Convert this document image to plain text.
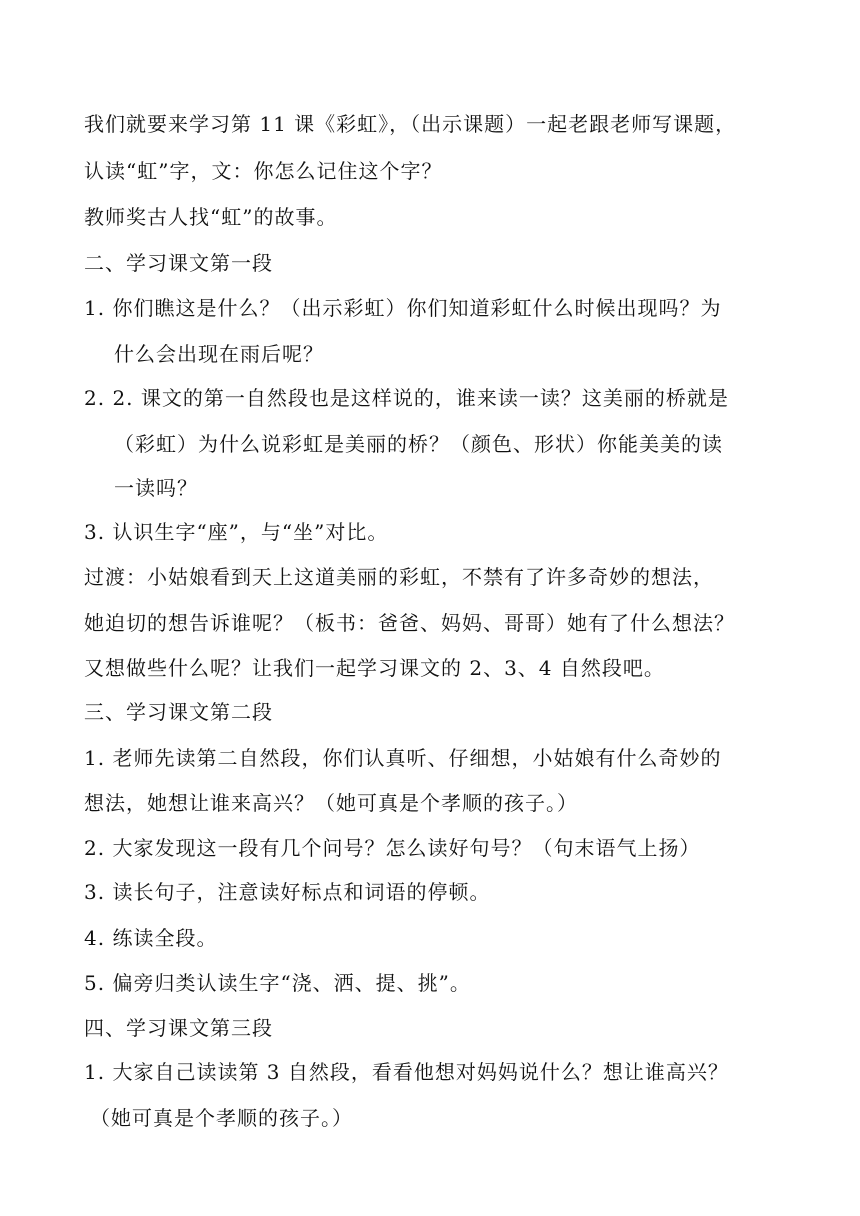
我们就要来学习第 11 课《彩虹》，（出示课题）一起老跟老师写课题，
认读“虹”字，文：你怎么记住这个字？
教师奖古人找“虹”的故事。
二、学习课文第一段
1. 你们瞧这是什么？（出示彩虹）你们知道彩虹什么时候出现吗？为
什么会出现在雨后呢？
2. 2. 课文的第一自然段也是这样说的，谁来读一读？这美丽的桥就是
（彩虹）为什么说彩虹是美丽的桥？（颜色、形状）你能美美的读
一读吗？
3. 认识生字“座”，与“坐”对比。
过渡：小姑娘看到天上这道美丽的彩虹，不禁有了许多奇妙的想法，
她迫切的想告诉谁呢？（板书：爸爸、妈妈、哥哥）她有了什么想法？
又想做些什么呢？让我们一起学习课文的 2、3、4 自然段吧。
三、学习课文第二段
1. 老师先读第二自然段，你们认真听、仔细想，小姑娘有什么奇妙的
想法，她想让谁来高兴？（她可真是个孝顺的孩子。）
2. 大家发现这一段有几个问号？怎么读好句号？（句末语气上扬）
3. 读长句子，注意读好标点和词语的停顿。
4. 练读全段。
5. 偏旁归类认读生字“浇、洒、提、挑”。
四、学习课文第三段
1. 大家自己读读第 3 自然段，看看他想对妈妈说什么？想让谁高兴？
（她可真是个孝顺的孩子。）
